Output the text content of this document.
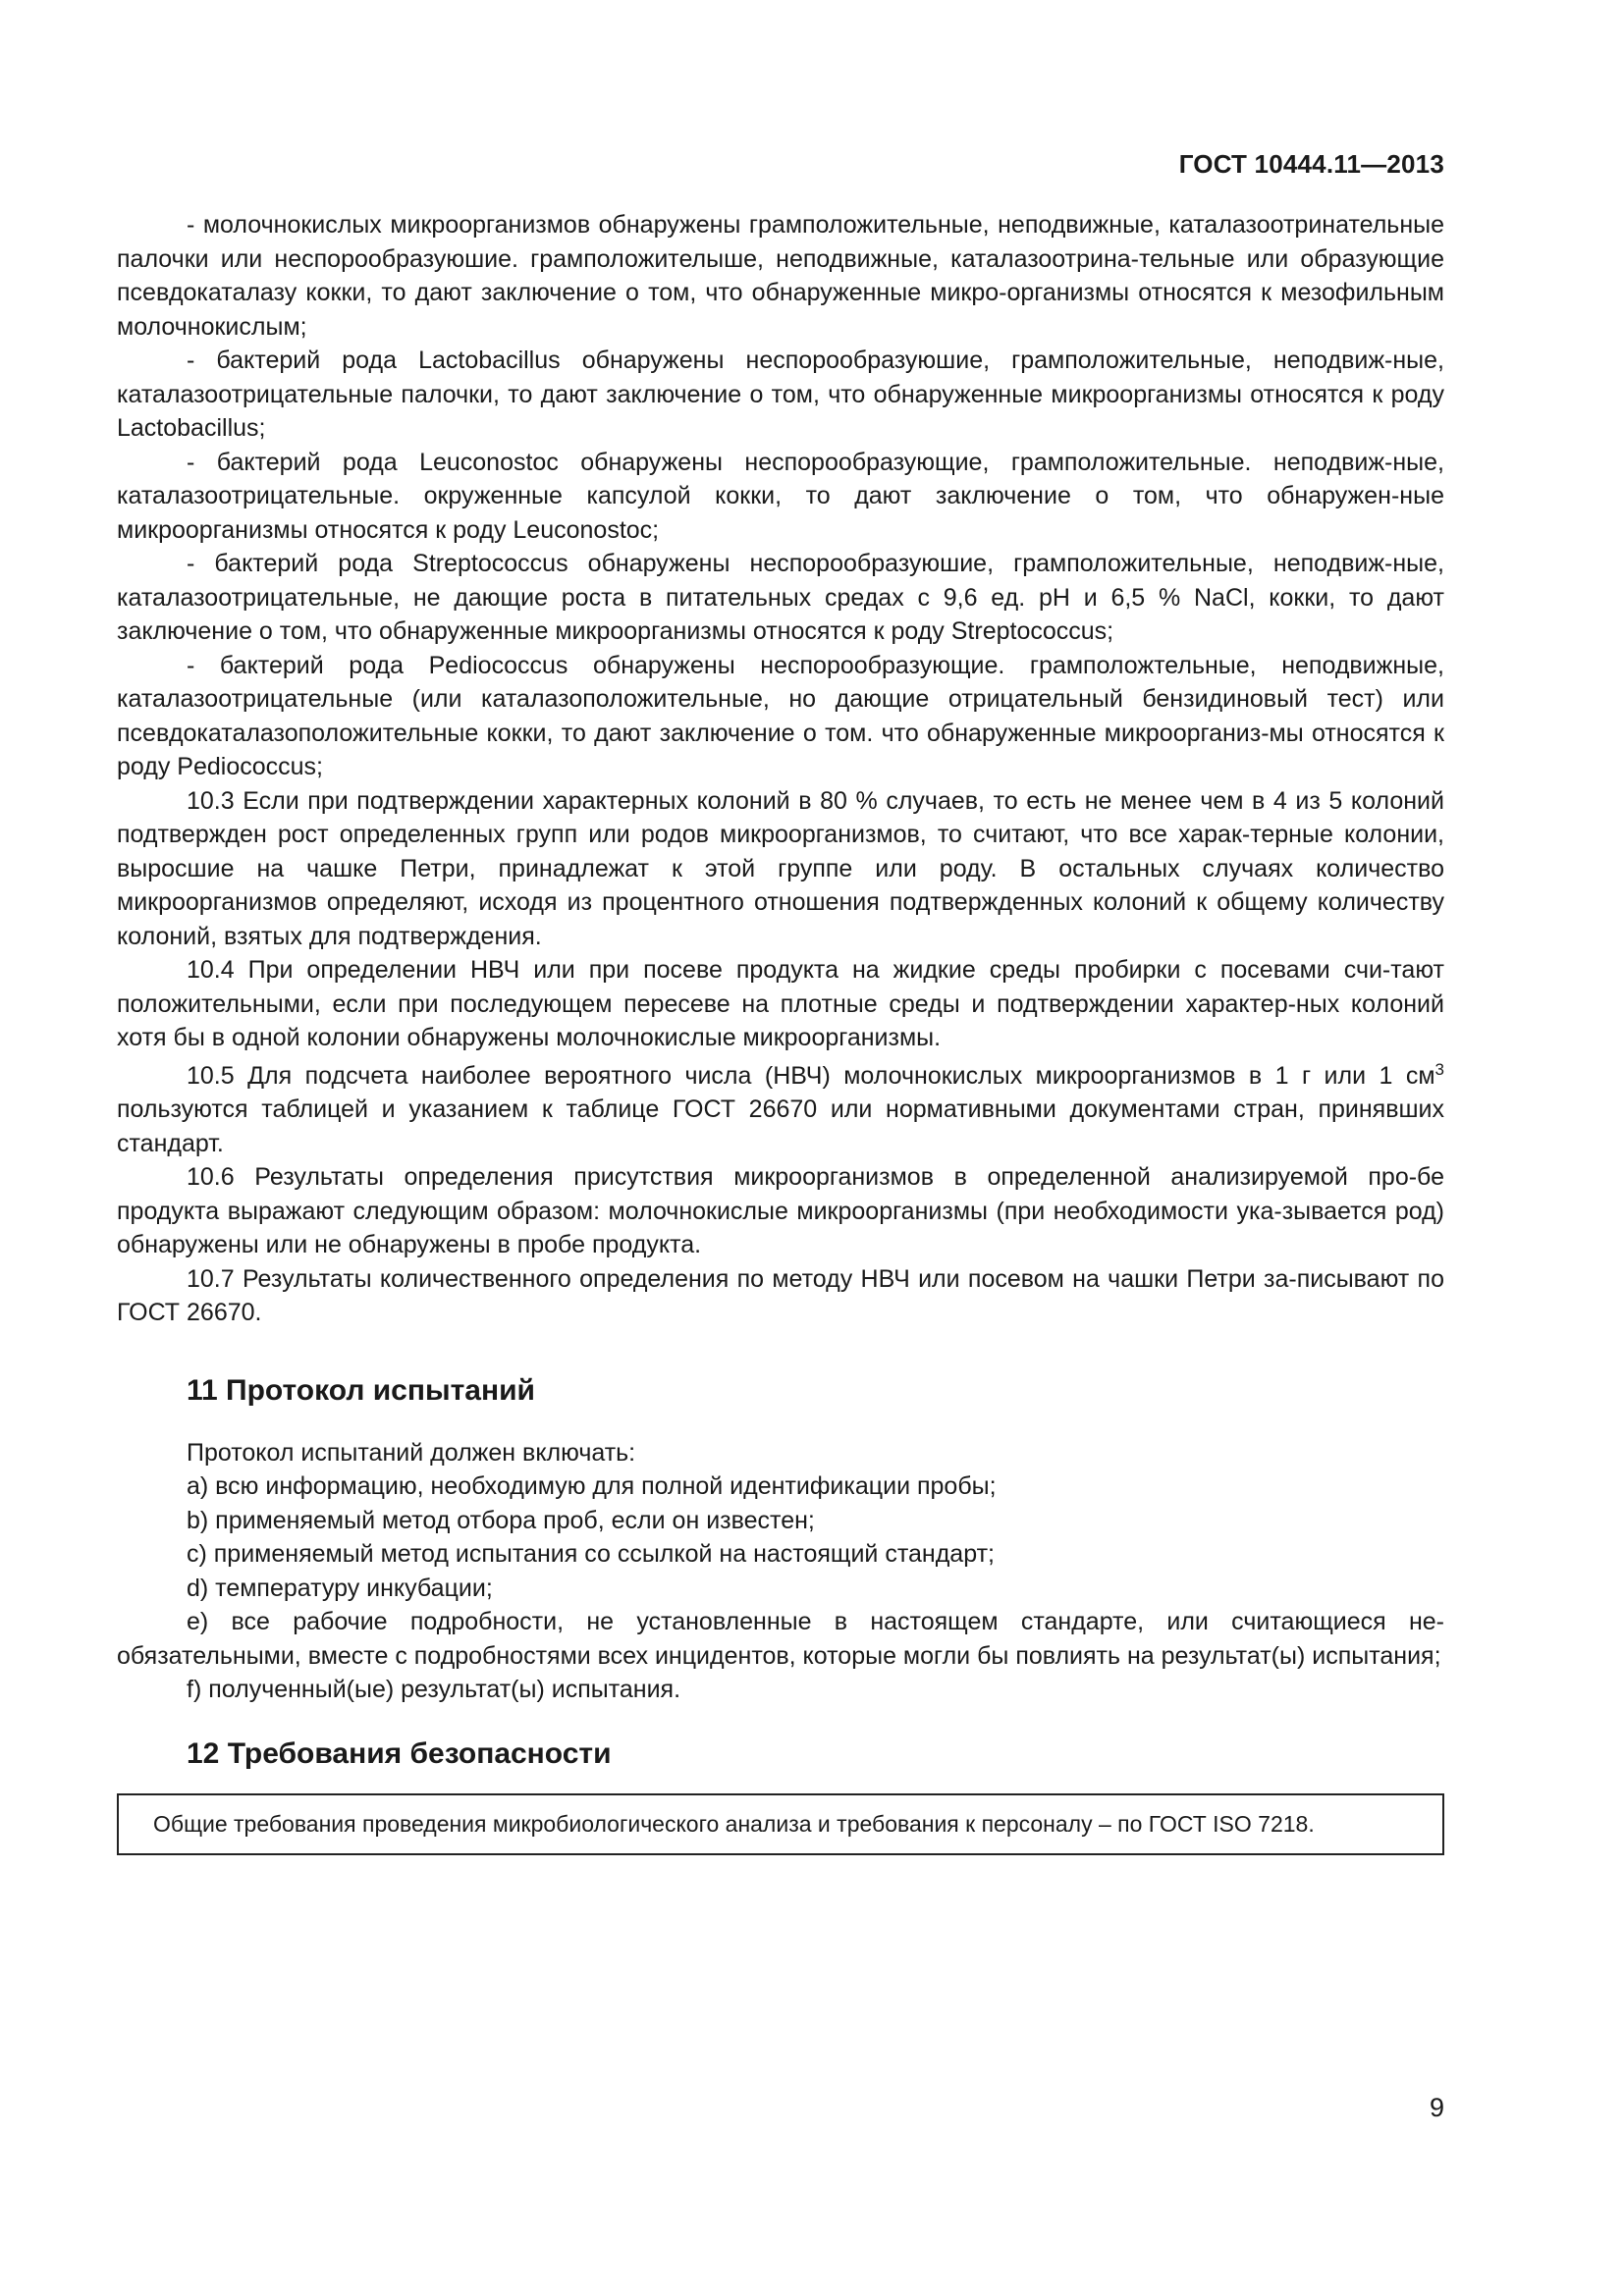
ГОСТ 10444.11—2013

- молочнокислых микроорганизмов обнаружены грамположительные, неподвижные, каталазоотринательные палочки или неспорообразуюшие. грамположителыше, неподвижные, каталазоотрина-тельные или образующие псевдокаталазу кокки, то дают заключение о том, что обнаруженные микро-организмы относятся к мезофильным молочнокислым;

- бактерий рода Lactobacillus обнаружены неспорообразуюшие, грамположительные, неподвиж-ные, каталазоотрицательные палочки, то дают заключение о том, что обнаруженные микроорганизмы относятся к роду Lactobacillus;

- бактерий рода Leuconostoc обнаружены неспорообразующие, грамположительные. неподвиж-ные, каталазоотрицательные. окруженные капсулой кокки, то дают заключение о том, что обнаружен-ные микроорганизмы относятся к роду Leuconostoc;

- бактерий рода Streptococcus обнаружены неспорообразуюшие, грамположительные, неподвиж-ные, каталазоотрицательные, не дающие роста в питательных средах с 9,6 ед. pH и 6,5 % NaCl, кокки, то дают заключение о том, что обнаруженные микроорганизмы относятся к роду Streptococcus;

- бактерий рода Pediococcus обнаружены неспорообразующие. грамположтельные, неподвижные, каталазоотрицательные (или каталазоположительные, но дающие отрицательный бензидиновый тест) или псевдокаталазоположительные кокки, то дают заключение о том. что обнаруженные микроорганиз-мы относятся к роду Pediococcus;

10.3 Если при подтверждении характерных колоний в 80 % случаев, то есть не менее чем в 4 из 5 колоний подтвержден рост определенных групп или родов микроорганизмов, то считают, что все харак-терные колонии, выросшие на чашке Петри, принадлежат к этой группе или роду. В остальных случаях количество микроорганизмов определяют, исходя из процентного отношения подтвержденных колоний к общему количеству колоний, взятых для подтверждения.

10.4 При определении НВЧ или при посеве продукта на жидкие среды пробирки с посевами счи-тают положительными, если при последующем пересеве на плотные среды и подтверждении характер-ных колоний хотя бы в одной колонии обнаружены молочнокислые микроорганизмы.

10.5 Для подсчета наиболее вероятного числа (НВЧ) молочнокислых микроорганизмов в 1 г или 1 $см^3$ пользуются таблицей и указанием к таблице ГОСТ 26670 или нормативными документами стран, принявших стандарт.

10.6 Результаты определения присутствия микроорганизмов в определенной анализируемой про-бе продукта выражают следующим образом: молочнокислые микроорганизмы (при необходимости ука-зывается род) обнаружены или не обнаружены в пробе продукта.

10.7 Результаты количественного определения по методу НВЧ или посевом на чашки Петри за-писывают по ГОСТ 26670.

11 Протокол испытаний

Протокол испытаний должен включать:

a) всю информацию, необходимую для полной идентификации пробы;

b) применяемый метод отбора проб, если он известен;

c) применяемый метод испытания со ссылкой на настоящий стандарт;

d) температуру инкубации;

e) все рабочие подробности, не установленные в настоящем стандарте, или считающиеся не-обязательными, вместе с подробностями всех инцидентов, которые могли бы повлиять на результат(ы) испытания;

f) полученный(ые) результат(ы) испытания.

12 Требования безопасности
Общие требования проведения микробиологического анализа и требования к персоналу – по ГОСТ ISO 7218.
9
